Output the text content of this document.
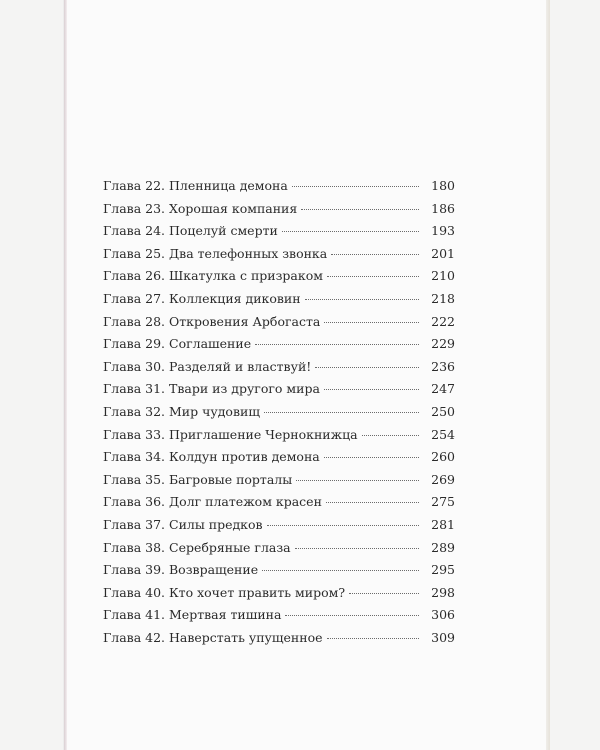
Глава 22. Пленница демона	180
Глава 23. Хорошая компания	186
Глава 24. Поцелуй смерти	193
Глава 25. Два телефонных звонка	201
Глава 26. Шкатулка с призраком	210
Глава 27. Коллекция диковин	218
Глава 28. Откровения Арбогаста	222
Глава 29. Соглашение	229
Глава 30. Разделяй и властвуй!	236
Глава 31. Твари из другого мира	247
Глава 32. Мир чудовищ	250
Глава 33. Приглашение Чернокнижца	254
Глава 34. Колдун против демона	260
Глава 35. Багровые порталы	269
Глава 36. Долг платежом красен	275
Глава 37. Силы предков	281
Глава 38. Серебряные глаза	289
Глава 39. Возвращение	295
Глава 40. Кто хочет править миром?	298
Глава 41. Мертвая тишина	306
Глава 42. Наверстать упущенное	309
